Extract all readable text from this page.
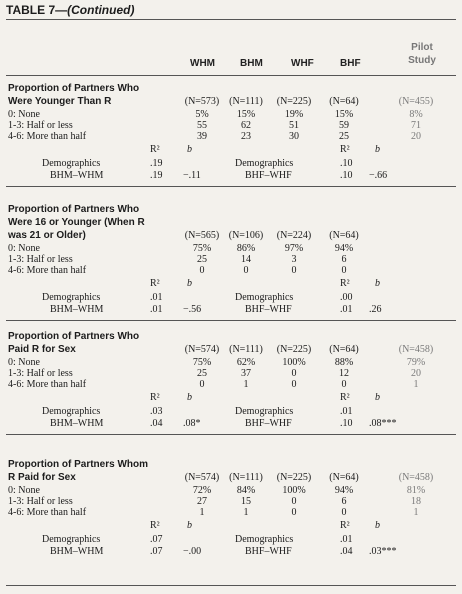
TABLE 7—(Continued)
WHM	BHM	WHF	BHF
Pilot
Study
Proportion of Partners Who
Were Younger Than R	(N=573) (N=111)	(N=225)	(N=64)	(N=455)
0: None	5%	15%	19%	15%	8%
1-3: Half or less	55	62	51	59	71
4-6: More than half	39	23	30	25	20
R²	b	R²	b
Demographics	.19	Demographics	.10
BHM–WHM	.19 −.11	BHF–WHF	.10 −.66
Proportion of Partners Who
Were 16 or Younger (When R
was 21 or Older)	(N=565) (N=106)	(N=224)	(N=64)
0: None	75%	86%	97%	94%
1-3: Half or less	25	14	3	6
4-6: More than half	0	0	0	0
R²	b	R²	b
Demographics	.01	Demographics	.00
BHM–WHM	.01 −.56	BHF–WHF	.01 .26
Proportion of Partners Who
Paid R for Sex	(N=574) (N=111)	(N=225)	(N=64)	(N=458)
0: None	75%	62%	100%	88%	79%
1-3: Half or less	25	37	0	12	20
4-6: More than half	0	1	0	0	1
R²	b	R²	b
Demographics	.03	Demographics	.01
BHM–WHM	.04 .08*	BHF–WHF	.10 .08***
Proportion of Partners Whom
R Paid for Sex	(N=574) (N=111)	(N=225)	(N=64)	(N=458)
0: None	72%	84%	100%	94%	81%
1-3: Half or less	27	15	0	6	18
4-6: More than half	1	1	0	0	1
R²	b	R²	b
Demographics	.07	Demographics	.01
BHM–WHM	.07 −.00	BHF–WHF	.04 .03***
